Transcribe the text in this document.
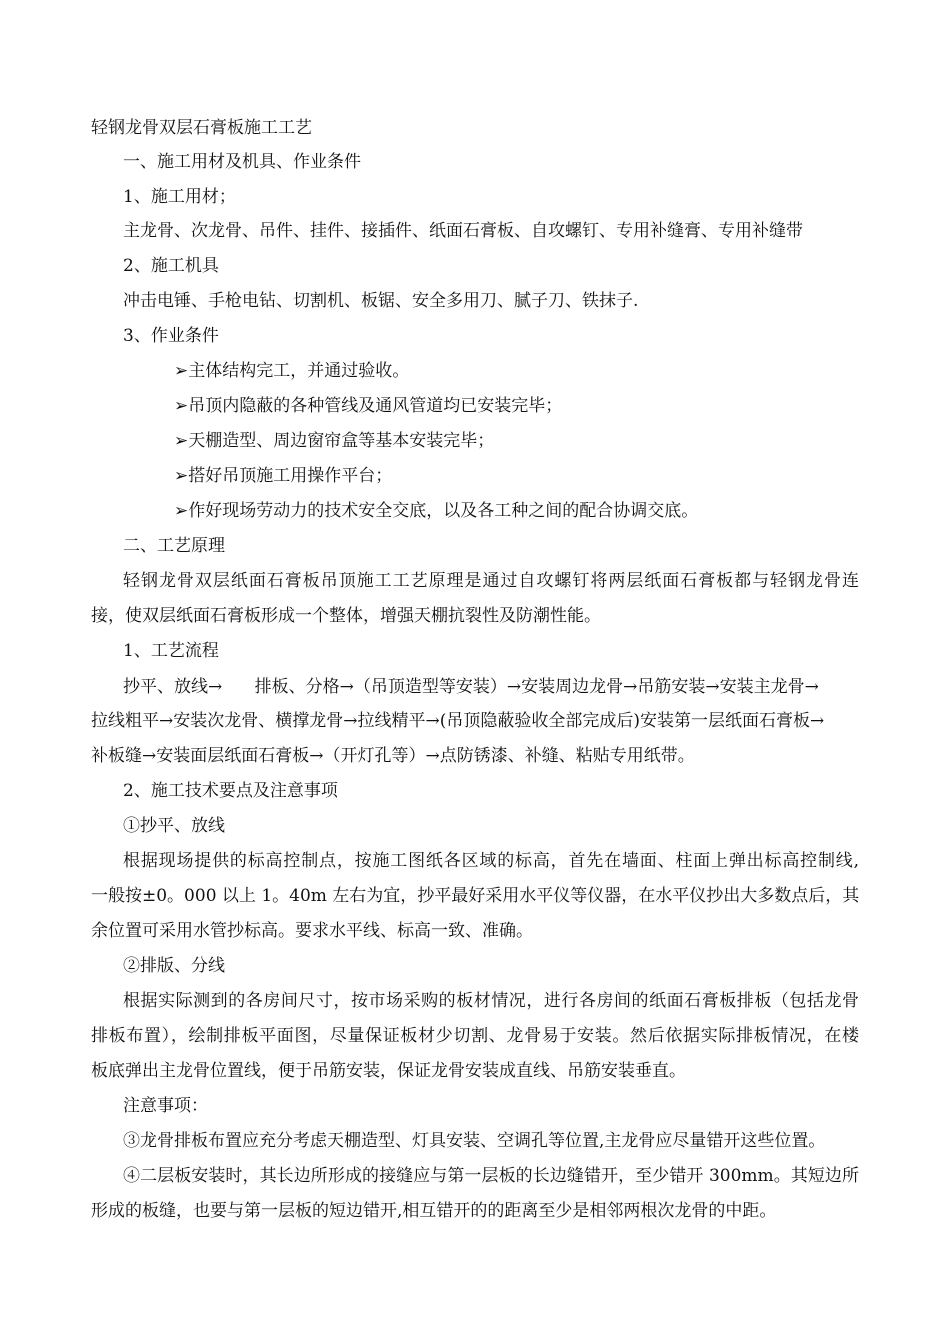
轻钢龙骨双层石膏板施工工艺
一、施工用材及机具、作业条件
1、施工用材；
主龙骨、次龙骨、吊件、挂件、接插件、纸面石膏板、自攻螺钉、专用补缝膏、专用补缝带
2、施工机具
冲击电锤、手枪电钻、切割机、板锯、安全多用刀、腻子刀、铁抹子.
3、作业条件
➢主体结构完工，并通过验收。
➢吊顶内隐蔽的各种管线及通风管道均已安装完毕；
➢天棚造型、周边窗帘盒等基本安装完毕；
➢搭好吊顶施工用操作平台；
➢作好现场劳动力的技术安全交底，以及各工种之间的配合协调交底。
二、工艺原理
轻钢龙骨双层纸面石膏板吊顶施工工艺原理是通过自攻螺钉将两层纸面石膏板都与轻钢龙骨连
接，使双层纸面石膏板形成一个整体，增强天棚抗裂性及防潮性能。
1、工艺流程
抄平、放线→      排板、分格→（吊顶造型等安装）→安装周边龙骨→吊筋安装→安装主龙骨→
拉线粗平→安装次龙骨、横撑龙骨→拉线精平→(吊顶隐蔽验收全部完成后)安装第一层纸面石膏板→
补板缝→安装面层纸面石膏板→（开灯孔等）→点防锈漆、补缝、粘贴专用纸带。
2、施工技术要点及注意事项
①抄平、放线
根据现场提供的标高控制点，按施工图纸各区域的标高，首先在墙面、柱面上弹出标高控制线,
一般按±0。000 以上 1。40m 左右为宜，抄平最好采用水平仪等仪器，在水平仪抄出大多数点后，其
余位置可采用水管抄标高。要求水平线、标高一致、准确。
②排版、分线
根据实际测到的各房间尺寸，按市场采购的板材情况，进行各房间的纸面石膏板排板（包括龙骨
排板布置），绘制排板平面图，尽量保证板材少切割、龙骨易于安装。然后依据实际排板情况，在楼
板底弹出主龙骨位置线，便于吊筋安装，保证龙骨安装成直线、吊筋安装垂直。
注意事项：
③龙骨排板布置应充分考虑天棚造型、灯具安装、空调孔等位置,主龙骨应尽量错开这些位置。
④二层板安装时，其长边所形成的接缝应与第一层板的长边缝错开，至少错开 300mm。其短边所
形成的板缝，也要与第一层板的短边错开,相互错开的的距离至少是相邻两根次龙骨的中距。
